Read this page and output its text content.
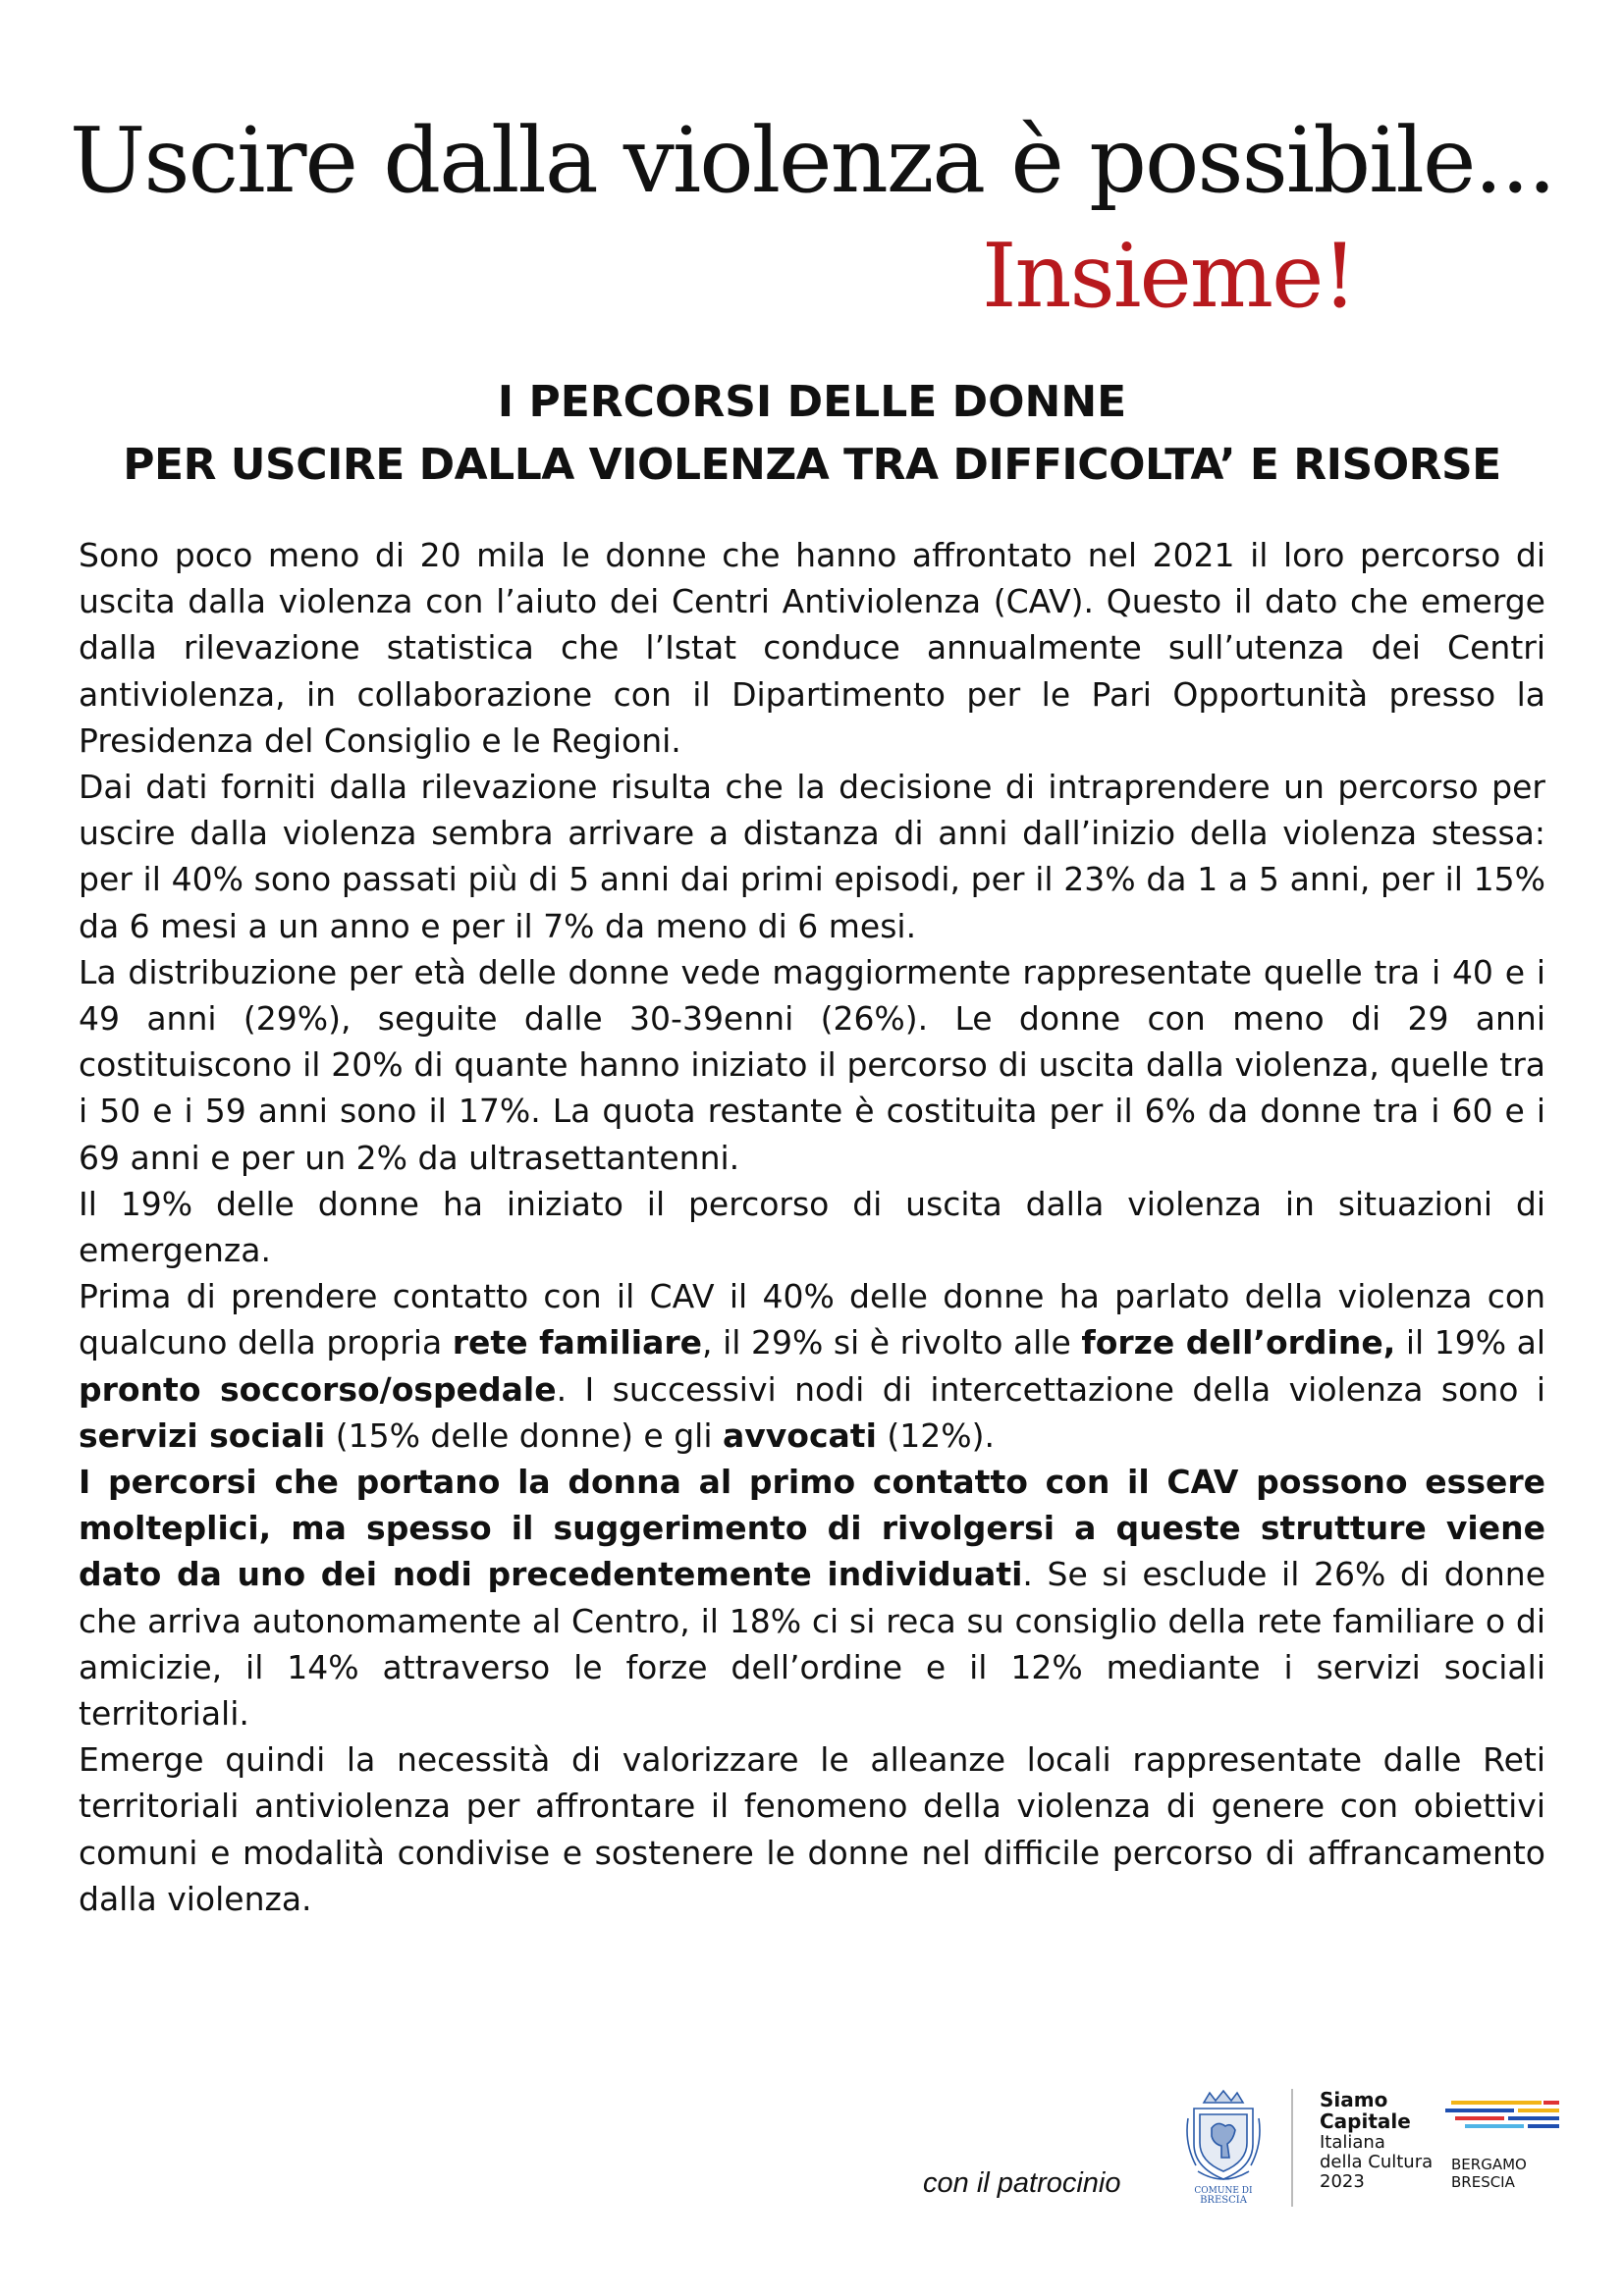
Uscire dalla violenza è possibile...
Insieme!
I PERCORSI DELLE DONNE
PER USCIRE DALLA VIOLENZA TRA DIFFICOLTA’ E RISORSE

Sono poco meno di 20 mila le donne che hanno affrontato nel 2021 il loro percorso di uscita dalla violenza con l’aiuto dei Centri Antiviolenza (CAV). Questo il dato che emerge dalla rilevazione statistica che l’Istat conduce annualmente sull’utenza dei Centri antiviolenza, in collaborazione con il Dipartimento per le Pari Opportunità presso la Presidenza del Consiglio e le Regioni.

Dai dati forniti dalla rilevazione risulta che la decisione di intraprendere un percorso per uscire dalla violenza sembra arrivare a distanza di anni dall’inizio della violenza stessa: per il 40% sono passati più di 5 anni dai primi episodi, per il 23% da 1 a 5 anni, per il 15% da 6 mesi a un anno e per il 7% da meno di 6 mesi.

La distribuzione per età delle donne vede maggiormente rappresentate quelle tra i 40 e i 49 anni (29%), seguite dalle 30-39enni (26%). Le donne con meno di 29 anni costituiscono il 20% di quante hanno iniziato il percorso di uscita dalla violenza, quelle tra i 50 e i 59 anni sono il 17%. La quota restante è costituita per il 6% da donne tra i 60 e i 69 anni e per un 2% da ultrasettantenni.

Il 19% delle donne ha iniziato il percorso di uscita dalla violenza in situazioni di emergenza.

Prima di prendere contatto con il CAV il 40% delle donne ha parlato della violenza con qualcuno della propria rete familiare, il 29% si è rivolto alle forze dell’ordine, il 19% al pronto soccorso/ospedale. I successivi nodi di intercettazione della violenza sono i servizi sociali (15% delle donne) e gli avvocati (12%).

I percorsi che portano la donna al primo contatto con il CAV possono essere molteplici, ma spesso il suggerimento di rivolgersi a queste strutture viene dato da uno dei nodi precedentemente individuati. Se si esclude il 26% di donne che arriva autonomamente al Centro, il 18% ci si reca su consiglio della rete familiare o di amicizie, il 14% attraverso le forze dell’ordine e il 12% mediante i servizi sociali territoriali.

Emerge quindi la necessità di valorizzare le alleanze locali rappresentate dalle Reti territoriali antiviolenza per affrontare il fenomeno della violenza di genere con obiettivi comuni e modalità condivise e sostenere le donne nel difficile percorso di affrancamento dalla violenza.

con il patrocinio	COMUNE DI
BRESCIA
Siamo
Capitale
Italiana
della Cultura
2023
BERGAMO
BRESCIA
